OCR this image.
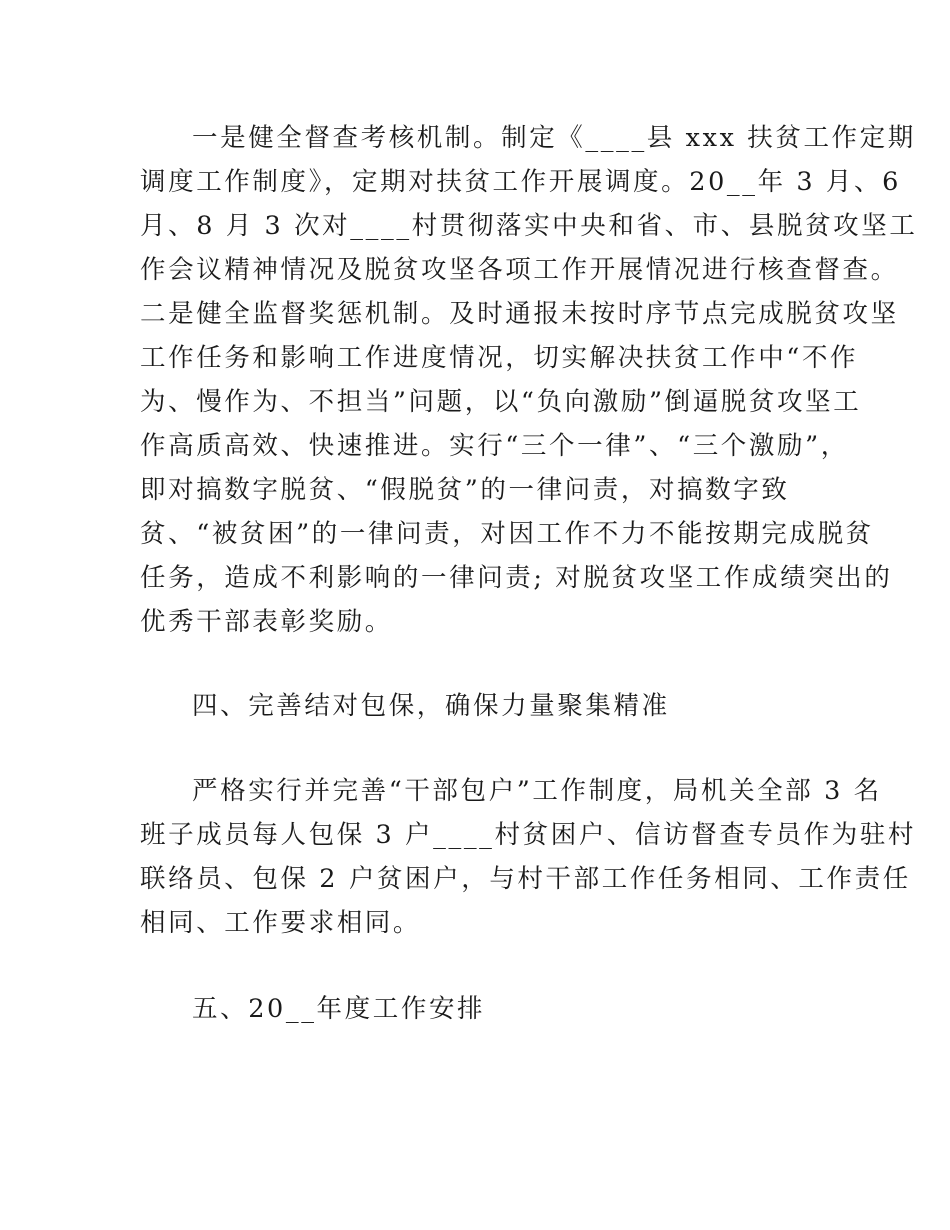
一是健全督查考核机制。制定《____县 xxx 扶贫工作定期
调度工作制度》，定期对扶贫工作开展调度。20__年 3 月、6
月、8 月 3 次对____村贯彻落实中央和省、市、县脱贫攻坚工
作会议精神情况及脱贫攻坚各项工作开展情况进行核查督查。
二是健全监督奖惩机制。及时通报未按时序节点完成脱贫攻坚
工作任务和影响工作进度情况，切实解决扶贫工作中“不作
为、慢作为、不担当”问题，以“负向激励”倒逼脱贫攻坚工
作高质高效、快速推进。实行“三个一律”、“三个激励”，
即对搞数字脱贫、“假脱贫”的一律问责，对搞数字致
贫、“被贫困”的一律问责，对因工作不力不能按期完成脱贫
任务，造成不利影响的一律问责; 对脱贫攻坚工作成绩突出的
优秀干部表彰奖励。
四、完善结对包保，确保力量聚集精准
严格实行并完善“干部包户”工作制度，局机关全部 3 名
班子成员每人包保 3 户____村贫困户、信访督查专员作为驻村
联络员、包保 2 户贫困户，与村干部工作任务相同、工作责任
相同、工作要求相同。
五、20__年度工作安排
